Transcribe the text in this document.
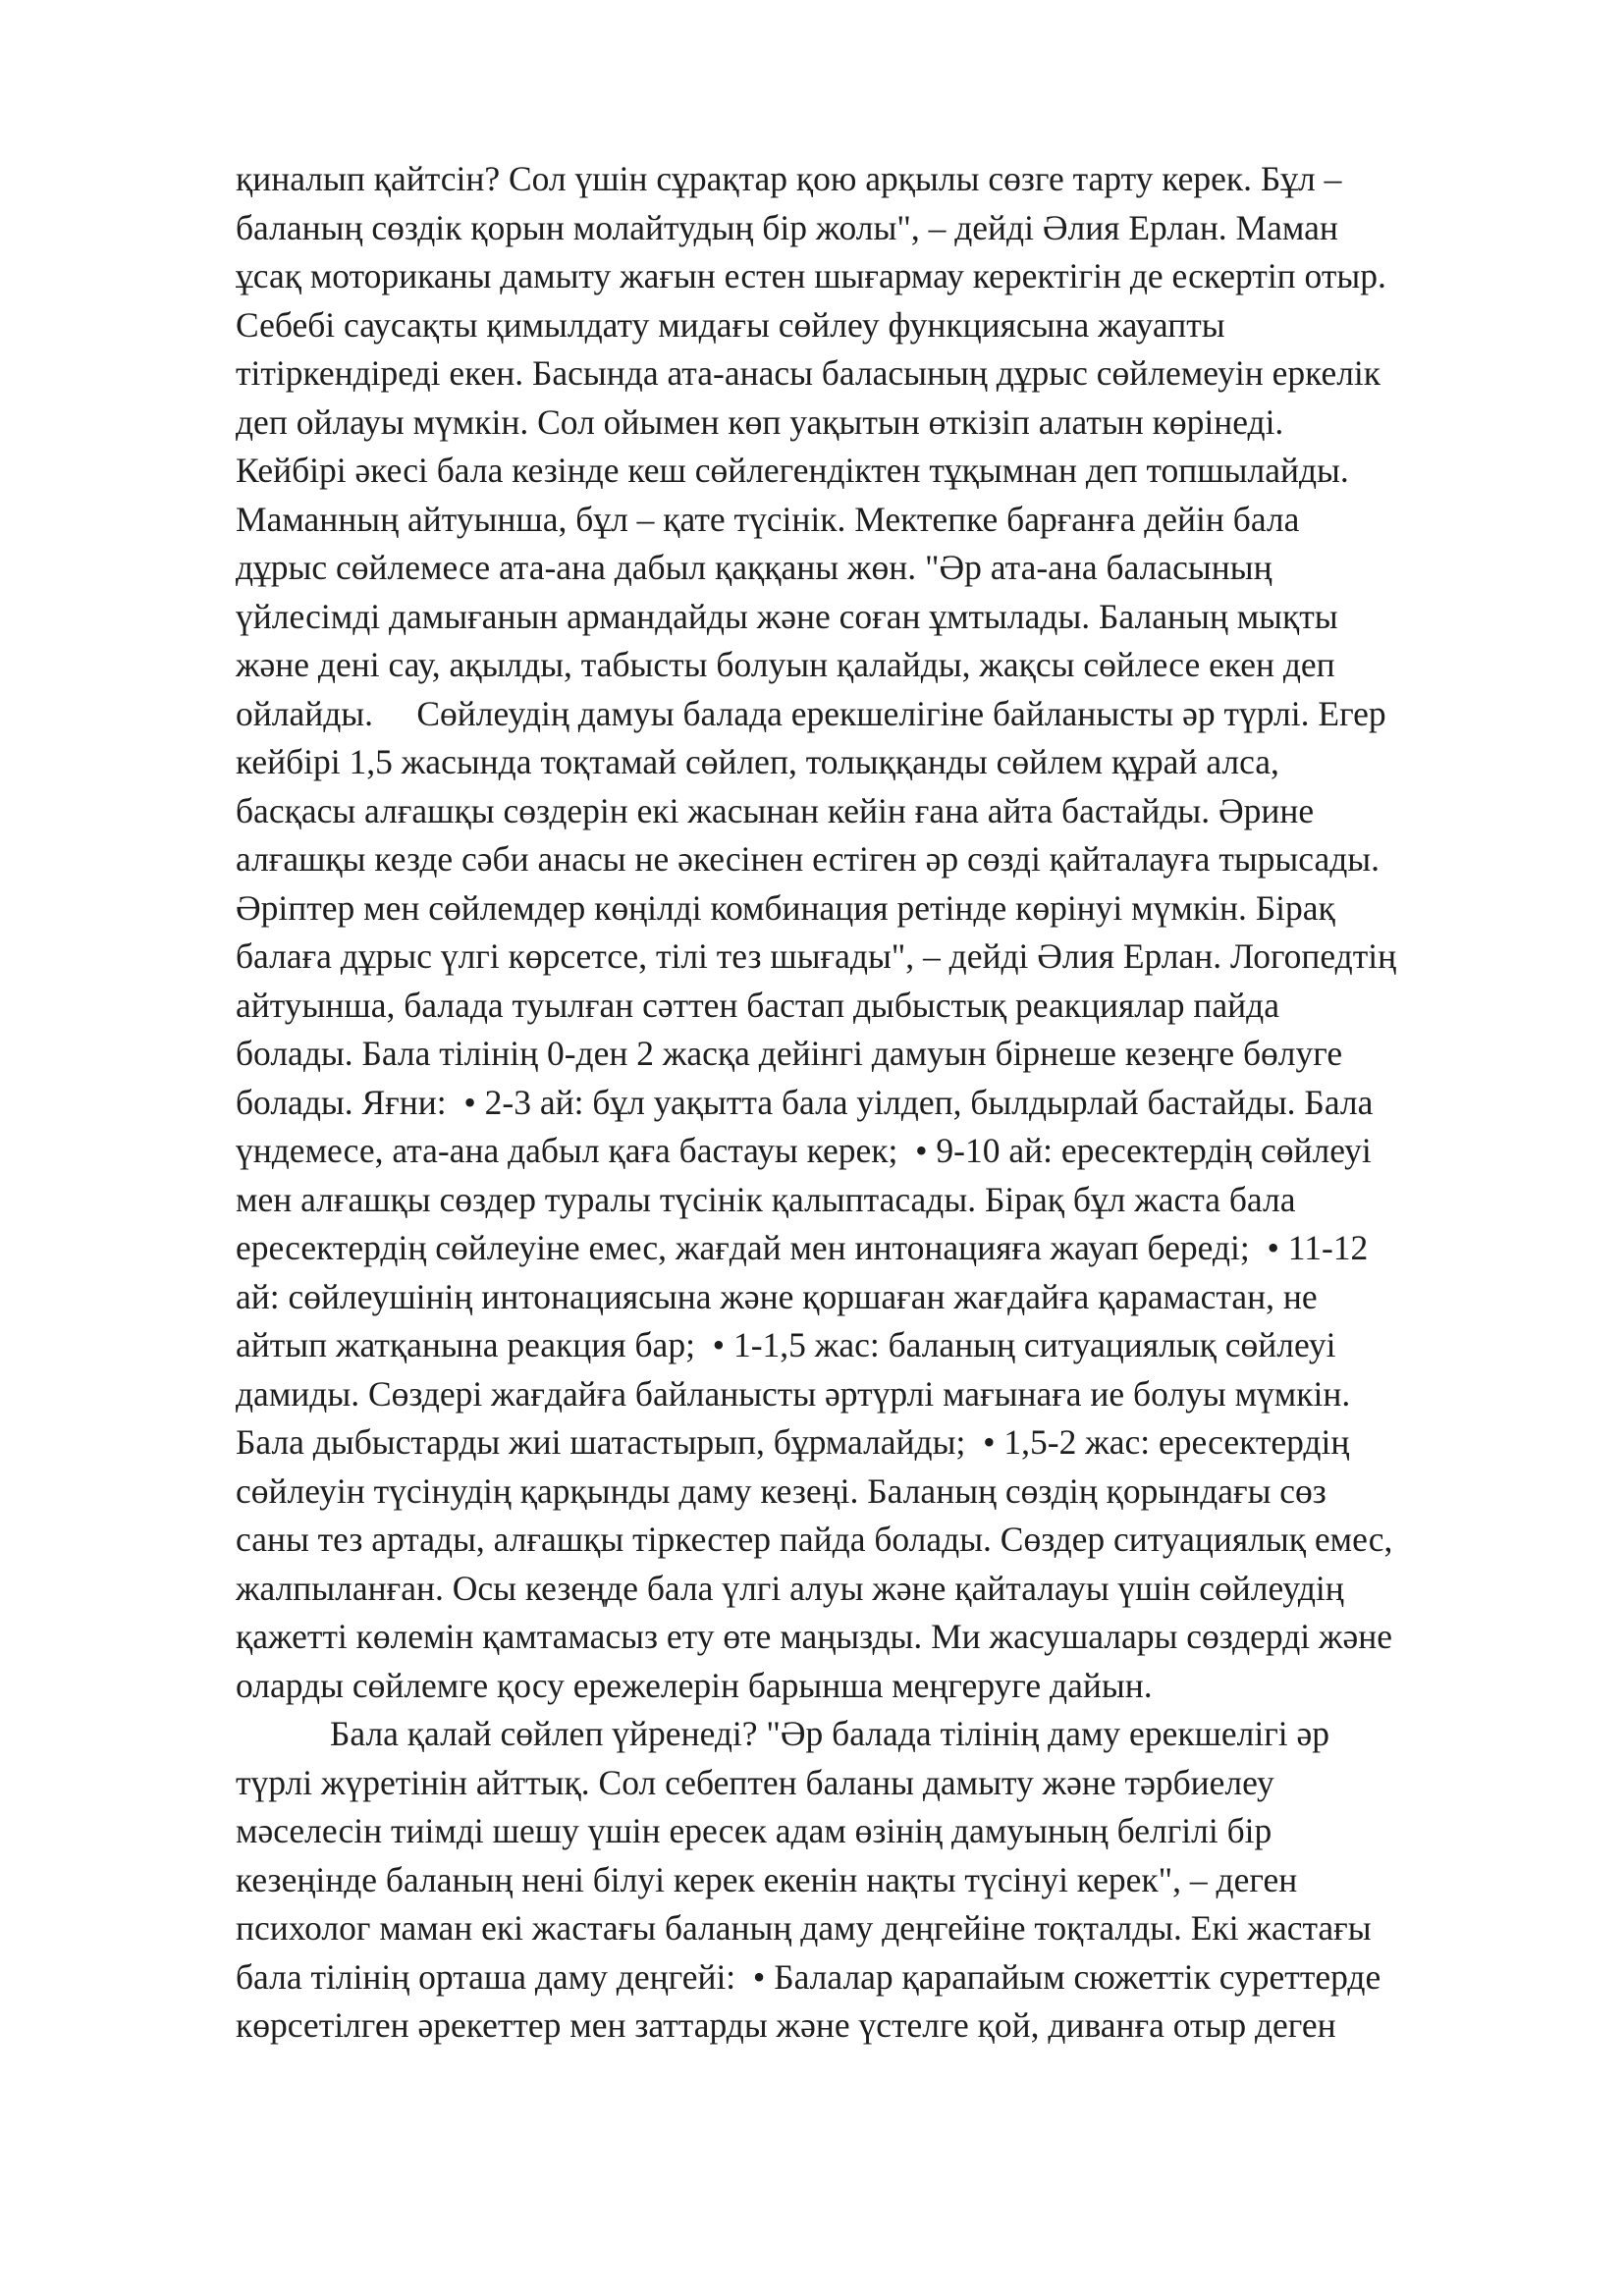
қиналып қайтсін? Сол үшін сұрақтар қою арқылы сөзге тарту керек. Бұл –
баланың сөздік қорын молайтудың бір жолы", – дейді Әлия Ерлан. Маман
ұсақ моториканы дамыту жағын естен шығармау керектігін де ескертіп отыр.
Себебі саусақты қимылдату мидағы сөйлеу функциясына жауапты
тітіркендіреді екен. Басында ата-анасы баласының дұрыс сөйлемеуін еркелік
деп ойлауы мүмкін. Сол ойымен көп уақытын өткізіп алатын көрінеді.
Кейбірі әкесі бала кезінде кеш сөйлегендіктен тұқымнан деп топшылайды.
Маманның айтуынша, бұл – қате түсінік. Мектепке барғанға дейін бала
дұрыс сөйлемесе ата-ана дабыл қаққаны жөн. "Әр ата-ана баласының
үйлесімді дамығанын армандайды және соған ұмтылады. Баланың мықты
және дені сау, ақылды, табысты болуын қалайды, жақсы сөйлесе екен деп
ойлайды.     Сөйлеудің дамуы балада ерекшелігіне байланысты әр түрлі. Егер
кейбірі 1,5 жасында тоқтамай сөйлеп, толыққанды сөйлем құрай алса,
басқасы алғашқы сөздерін екі жасынан кейін ғана айта бастайды. Әрине
алғашқы кезде сәби анасы не әкесінен естіген әр сөзді қайталауға тырысады.
Әріптер мен сөйлемдер көңілді комбинация ретінде көрінуі мүмкін. Бірақ
балаға дұрыс үлгі көрсетсе, тілі тез шығады", – дейді Әлия Ерлан. Логопедтің
айтуынша, балада туылған сәттен бастап дыбыстық реакциялар пайда
болады. Бала тілінің 0-ден 2 жасқа дейінгі дамуын бірнеше кезеңге бөлуге
болады. Яғни:  • 2-3 ай: бұл уақытта бала уілдеп, былдырлай бастайды. Бала
үндемесе, ата-ана дабыл қаға бастауы керек;  • 9-10 ай: ересектердің сөйлеуі
мен алғашқы сөздер туралы түсінік қалыптасады. Бірақ бұл жаста бала
ересектердің сөйлеуіне емес, жағдай мен интонацияға жауап береді;  • 11-12
ай: сөйлеушінің интонациясына және қоршаған жағдайға қарамастан, не
айтып жатқанына реакция бар;  • 1-1,5 жас: баланың ситуациялық сөйлеуі
дамиды. Сөздері жағдайға байланысты әртүрлі мағынаға ие болуы мүмкін.
Бала дыбыстарды жиі шатастырып, бұрмалайды;  • 1,5-2 жас: ересектердің
сөйлеуін түсінудің қарқынды даму кезеңі. Баланың сөздің қорындағы сөз
саны тез артады, алғашқы тіркестер пайда болады. Сөздер ситуациялық емес,
жалпыланған. Осы кезеңде бала үлгі алуы және қайталауы үшін сөйлеудің
қажетті көлемін қамтамасыз ету өте маңызды. Ми жасушалары сөздерді және
оларды сөйлемге қосу ережелерін барынша меңгеруге дайын.
Бала қалай сөйлеп үйренеді? "Әр балада тілінің даму ерекшелігі әр
түрлі жүретінін айттық. Сол себептен баланы дамыту және тәрбиелеу
мәселесін тиімді шешу үшін ересек адам өзінің дамуының белгілі бір
кезеңінде баланың нені білуі керек екенін нақты түсінуі керек", – деген
психолог маман екі жастағы баланың даму деңгейіне тоқталды. Екі жастағы
бала тілінің орташа даму деңгейі:  • Балалар қарапайым сюжеттік суреттерде
көрсетілген әрекеттер мен заттарды және үстелге қой, диванға отыр деген
